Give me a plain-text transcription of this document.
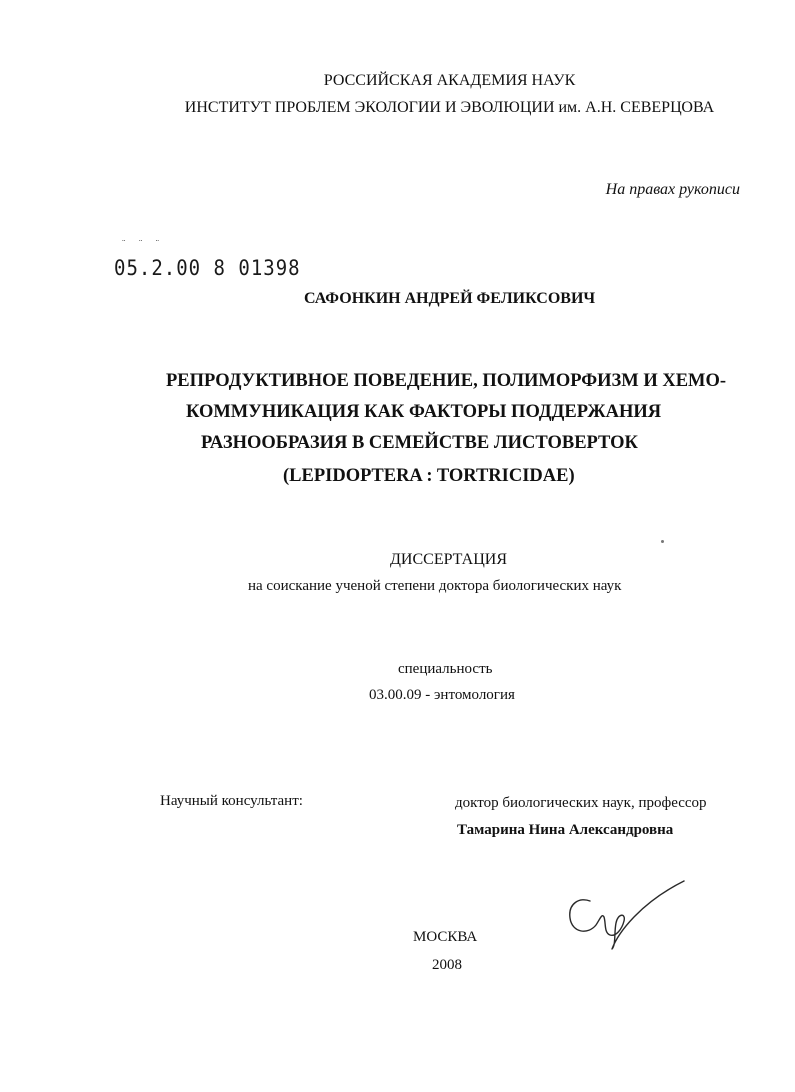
РОССИЙСКАЯ АКАДЕМИЯ НАУК
ИНСТИТУТ ПРОБЛЕМ ЭКОЛОГИИ И ЭВОЛЮЦИИ им. А.Н. СЕВЕРЦОВА
На правах рукописи
¨ ¨ ¨
05.2.00 8 01398
САФОНКИН АНДРЕЙ ФЕЛИКСОВИЧ
РЕПРОДУКТИВНОЕ ПОВЕДЕНИЕ, ПОЛИМОРФИЗМ И ХЕМО-
КОММУНИКАЦИЯ КАК ФАКТОРЫ ПОДДЕРЖАНИЯ
РАЗНООБРАЗИЯ В СЕМЕЙСТВЕ ЛИСТОВЕРТОК
(LEPIDOPTERA : TORTRICIDAE)
ДИССЕРТАЦИЯ
на соискание ученой степени доктора биологических наук
специальность
03.00.09 - энтомология
Научный консультант:	доктор биологических наук, профессор
Тамарина Нина Александровна
МОСКВА
2008
